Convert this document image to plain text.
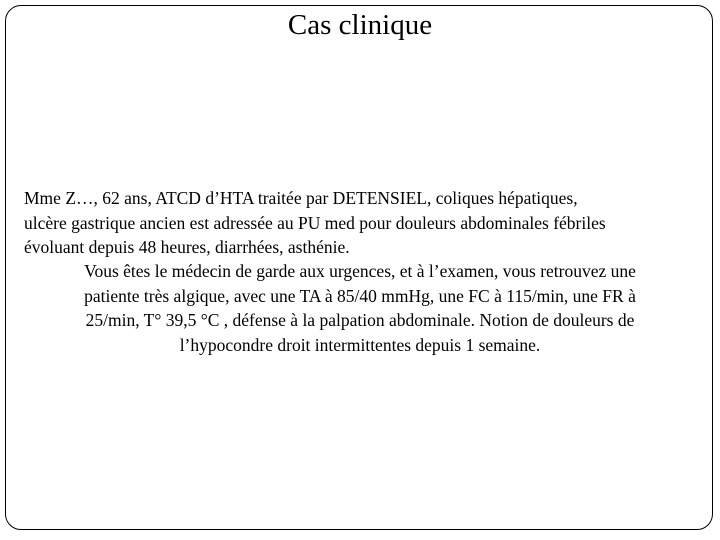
Cas clinique

Mme Z…, 62 ans, ATCD d’HTA traitée par DETENSIEL, coliques hépatiques,
ulcère gastrique ancien est adressée au PU med pour douleurs abdominales fébriles
évoluant depuis 48 heures, diarrhées, asthénie.

Vous êtes le médecin de garde aux urgences, et à l’examen, vous retrouvez une
patiente très algique, avec une TA à 85/40 mmHg, une FC à 115/min, une FR à
25/min, T° 39,5 °C , défense à la palpation abdominale. Notion de douleurs de
l’hypocondre droit intermittentes depuis 1 semaine.
